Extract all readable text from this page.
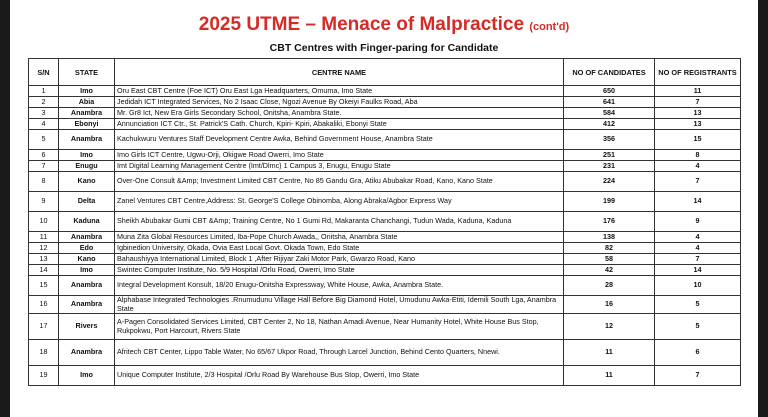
2025 UTME – Menace of Malpractice (cont'd)
CBT Centres with Finger-paring for Candidate
S/N	STATE	CENTRE NAME	NO OF CANDIDATES	NO OF REGISTRANTS
1	Imo	Oru East CBT Centre (Foe ICT) Oru East Lga Headquarters, Omuma, Imo State	650	11
2	Abia	Jedidah ICT Integrated Services, No 2 Isaac Close, Ngozi Avenue By Okeiyi Faulks Road, Aba	641	7
3	Anambra	Mr. Gr8 Ict, New Era Girls Secondary School, Onitsha, Anambra State.	584	13
4	Ebonyi	Annunciation ICT Ctr., St. Patrick'S Cath. Church, Kpiri- Kpiri, Abakaliki, Ebonyi State	412	13
5	Anambra	Kachukwuru Ventures Staff Development Centre Awka, Behind Government House, Anambra State	356	15
6	Imo	Imo Girls ICT Centre, Ugwu-Orji, Okigwe Road Owerri, Imo State	251	8
7	Enugu	Imt Digital Learning Management Centre (Imt/Dlmc) 1 Campus 3, Enugu, Enugu State	231	4
8	Kano	Over-One Consult &Amp; Investment Limited CBT Centre, No 85 Gandu Gra, Atiku Abubakar Road, Kano, Kano State	224	7
9	Delta	Zanel Ventures CBT Centre,Address: St. George'S College Obinomba, Along Abraka/Agbor Express Way	199	14
10	Kaduna	Sheikh Abubakar Gumi CBT &Amp; Training Centre, No 1 Gumi Rd, Makaranta Chanchangi, Tudun Wada, Kaduna, Kaduna	176	9
11	Anambra	Muna Zita Global Resources Limited, Iba-Pope Church Awada,, Onitsha, Anambra State	138	4
12	Edo	Igbinedion University, Okada, Ovia East Local Govt. Okada Town, Edo State	82	4
13	Kano	Bahaushiyya International Limited, Block 1 ,After Rijiyar Zaki Motor Park, Gwarzo Road, Kano	58	7
14	Imo	Swintec Computer Institute, No. 5/9 Hospital /Orlu Road, Owerri, Imo State	42	14
15	Anambra	Integral Development Konsult, 18/20 Enugu-Onitsha Expressway, White House, Awka, Anambra State.	28	10
16	Anambra	Alphabase Integrated Technologies .Rnumudunu Village Hall Before Big Diamond Hotel, Umudunu Awka-Etiti, Idemili South Lga, Anambra State	16	5
17	Rivers	A-Pagen Consolidated Services Limited, CBT Center 2, No 18, Nathan Amadi Avenue, Near Humanity Hotel, White House Bus Stop, Rukpokwu, Port Harcourt, Rivers State	12	5
18	Anambra	Afritech CBT Center, Lippo Table Water, No 65/67 Ukpor Road, Through Larcel Junction, Behind Cento Quarters, Nnewi.	11	6
19	Imo	Unique Computer Institute, 2/3 Hospital /Orlu Road By Warehouse Bus Stop, Owerri, Imo State	11	7
